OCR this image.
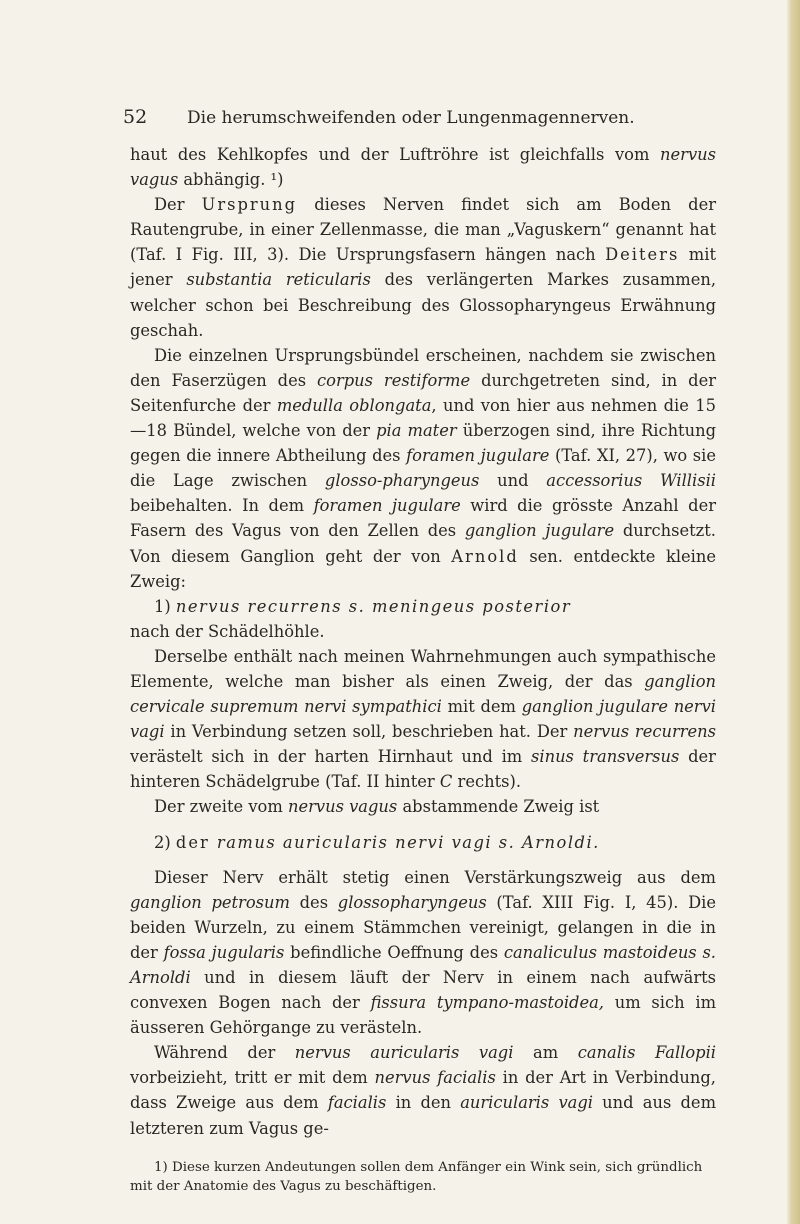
52 Die herumschweifenden oder Lungenmagennerven.

haut des Kehlkopfes und der Luftröhre ist gleichfalls vom nervus vagus abhängig. ¹)

Der Ursprung dieses Nerven findet sich am Boden der Rautengrube, in einer Zellenmasse, die man „Vaguskern“ genannt hat (Taf. I Fig. III, 3). Die Ursprungsfasern hängen nach Deiters mit jener substantia reticularis des verlängerten Markes zusammen, welcher schon bei Beschreibung des Glossopharyngeus Erwähnung geschah.

Die einzelnen Ursprungsbündel erscheinen, nachdem sie zwischen den Faserzügen des corpus restiforme durchgetreten sind, in der Seitenfurche der medulla oblongata, und von hier aus nehmen die 15—18 Bündel, welche von der pia mater überzogen sind, ihre Richtung gegen die innere Abtheilung des foramen jugulare (Taf. XI, 27), wo sie die Lage zwischen glosso-pharyngeus und accessorius Willisii beibehalten. In dem foramen jugulare wird die grösste Anzahl der Fasern des Vagus von den Zellen des ganglion jugulare durchsetzt. Von diesem Ganglion geht der von Arnold sen. entdeckte kleine Zweig:

1) nervus recurrens s. meningeus posterior

nach der Schädelhöhle.

Derselbe enthält nach meinen Wahrnehmungen auch sympathische Elemente, welche man bisher als einen Zweig, der das ganglion cervicale supremum nervi sympathici mit dem ganglion jugulare nervi vagi in Verbindung setzen soll, beschrieben hat. Der nervus recurrens verästelt sich in der harten Hirnhaut und im sinus transversus der hinteren Schädelgrube (Taf. II hinter C rechts).

Der zweite vom nervus vagus abstammende Zweig ist

2) der ramus auricularis nervi vagi s. Arnoldi.

Dieser Nerv erhält stetig einen Verstärkungszweig aus dem ganglion petrosum des glossopharyngeus (Taf. XIII Fig. I, 45). Die beiden Wurzeln, zu einem Stämmchen vereinigt, gelangen in die in der fossa jugularis befindliche Oeffnung des canaliculus mastoideus s. Arnoldi und in diesem läuft der Nerv in einem nach aufwärts convexen Bogen nach der fissura tympano-mastoidea, um sich im äusseren Gehörgange zu verästeln.

Während der nervus auricularis vagi am canalis Fallopii vorbeizieht, tritt er mit dem nervus facialis in der Art in Verbindung, dass Zweige aus dem facialis in den auricularis vagi und aus dem letzteren zum Vagus ge-

1) Diese kurzen Andeutungen sollen dem Anfänger ein Wink sein, sich gründlich mit der Anatomie des Vagus zu beschäftigen.
